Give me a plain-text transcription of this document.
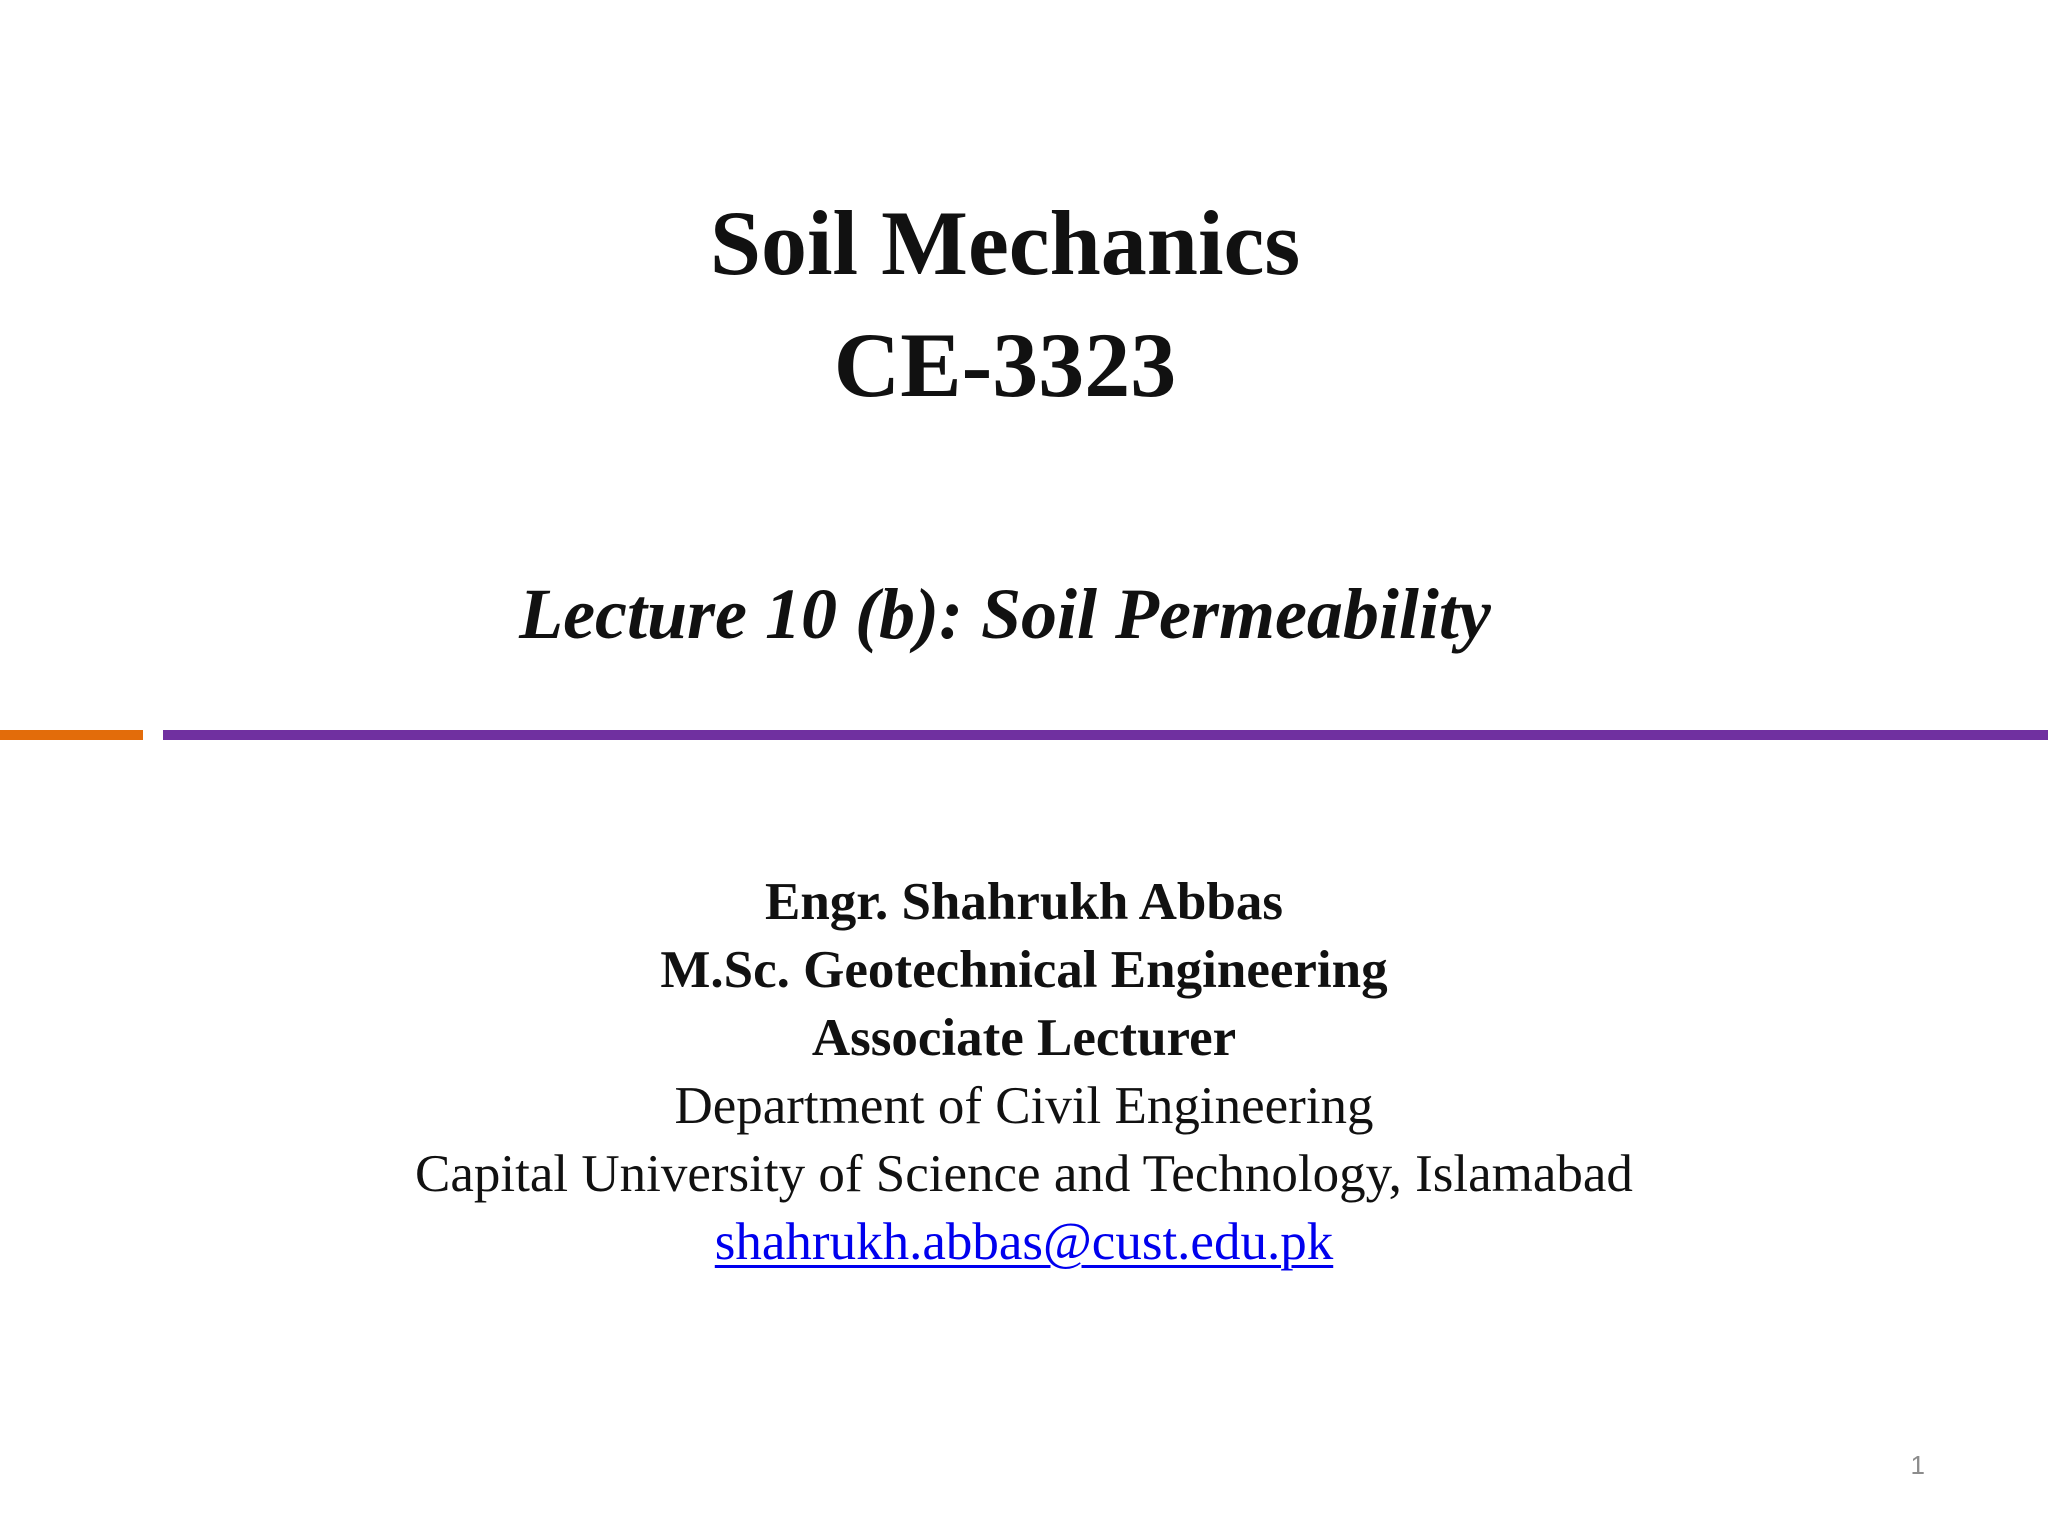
Soil Mechanics

CE-3323

Lecture 10 (b): Soil Permeability

Engr. Shahrukh Abbas

M.Sc. Geotechnical Engineering

Associate Lecturer

Department of Civil Engineering

Capital University of Science and Technology, Islamabad

shahrukh.abbas@cust.edu.pk

1
